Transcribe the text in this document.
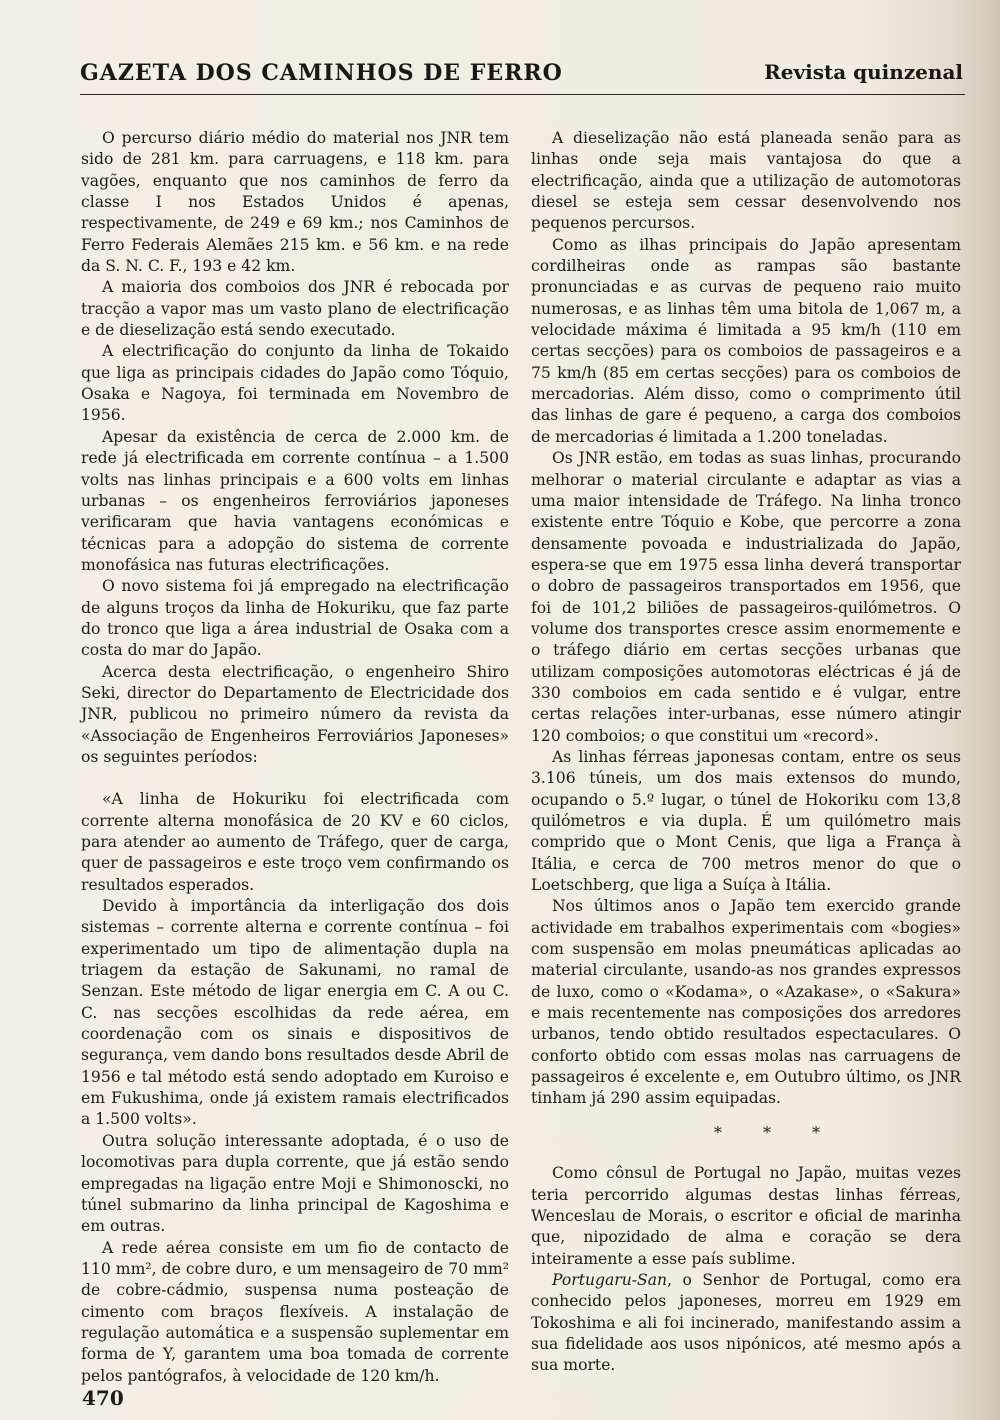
GAZETA DOS CAMINHOS DE FERRO	Revista quinzenal

O percurso diário médio do material nos JNR tem sido de 281 km. para carruagens, e 118 km. para vagões, enquanto que nos caminhos de ferro da classe I nos Estados Unidos é apenas, respectivamente, de 249 e 69 km.; nos Caminhos de Ferro Federais Alemães 215 km. e 56 km. e na rede da S. N. C. F., 193 e 42 km.

A maioria dos comboios dos JNR é rebocada por tracção a vapor mas um vasto plano de electrificação e de dieselização está sendo executado.

A electrificação do conjunto da linha de Tokaido que liga as principais cidades do Japão como Tóquio, Osaka e Nagoya, foi terminada em Novembro de 1956.

Apesar da existência de cerca de 2.000 km. de rede já electrificada em corrente contínua – a 1.500 volts nas linhas principais e a 600 volts em linhas urbanas – os engenheiros ferroviários japoneses verificaram que havia vantagens económicas e técnicas para a adopção do sistema de corrente monofásica nas futuras electrificações.

O novo sistema foi já empregado na electrificação de alguns troços da linha de Hokuriku, que faz parte do tronco que liga a área industrial de Osaka com a costa do mar do Japão.

Acerca desta electrificação, o engenheiro Shiro Seki, director do Departamento de Electricidade dos JNR, publicou no primeiro número da revista da «Associação de Engenheiros Ferroviários Japoneses» os seguintes períodos:

«A linha de Hokuriku foi electrificada com corrente alterna monofásica de 20 KV e 60 ciclos, para atender ao aumento de Tráfego, quer de carga, quer de passageiros e este troço vem confirmando os resultados esperados.

Devido à importância da interligação dos dois sistemas – corrente alterna e corrente contínua – foi experimentado um tipo de alimentação dupla na triagem da estação de Sakunami, no ramal de Senzan. Este método de ligar energia em C. A ou C. C. nas secções escolhidas da rede aérea, em coordenação com os sinais e dispositivos de segurança, vem dando bons resultados desde Abril de 1956 e tal método está sendo adoptado em Kuroiso e em Fukushima, onde já existem ramais electrificados a 1.500 volts».

Outra solução interessante adoptada, é o uso de locomotivas para dupla corrente, que já estão sendo empregadas na ligação entre Moji e Shimonoscki, no túnel submarino da linha principal de Kagoshima e em outras.

A rede aérea consiste em um fio de contacto de 110 mm², de cobre duro, e um mensageiro de 70 mm² de cobre-cádmio, suspensa numa posteação de cimento com braços flexíveis. A instalação de regulação automática e a suspensão suplementar em forma de Y, garantem uma boa tomada de corrente pelos pantógrafos, à velocidade de 120 km/h.

A dieselização não está planeada senão para as linhas onde seja mais vantajosa do que a electrificação, ainda que a utilização de automotoras diesel se esteja sem cessar desenvolvendo nos pequenos percursos.

Como as ilhas principais do Japão apresentam cordilheiras onde as rampas são bastante pronunciadas e as curvas de pequeno raio muito numerosas, e as linhas têm uma bitola de 1,067 m, a velocidade máxima é limitada a 95 km/h (110 em certas secções) para os comboios de passageiros e a 75 km/h (85 em certas secções) para os comboios de mercadorias. Além disso, como o comprimento útil das linhas de gare é pequeno, a carga dos comboios de mercadorias é limitada a 1.200 toneladas.

Os JNR estão, em todas as suas linhas, procurando melhorar o material circulante e adaptar as vias a uma maior intensidade de Tráfego. Na linha tronco existente entre Tóquio e Kobe, que percorre a zona densamente povoada e industrializada do Japão, espera-se que em 1975 essa linha deverá transportar o dobro de passageiros transportados em 1956, que foi de 101,2 biliões de passageiros-quilómetros. O volume dos transportes cresce assim enormemente e o tráfego diário em certas secções urbanas que utilizam composições automotoras eléctricas é já de 330 comboios em cada sentido e é vulgar, entre certas relações inter-urbanas, esse número atingir 120 comboios; o que constitui um «record».

As linhas férreas japonesas contam, entre os seus 3.106 túneis, um dos mais extensos do mundo, ocupando o 5.º lugar, o túnel de Hokoriku com 13,8 quilómetros e via dupla. É um quilómetro mais comprido que o Mont Cenis, que liga a França à Itália, e cerca de 700 metros menor do que o Loetschberg, que liga a Suíça à Itália.

Nos últimos anos o Japão tem exercido grande actividade em trabalhos experimentais com «bogies» com suspensão em molas pneumáticas aplicadas ao material circulante, usando-as nos grandes expressos de luxo, como o «Kodama», o «Azakase», o «Sakura» e mais recentemente nas composições dos arredores urbanos, tendo obtido resultados espectaculares. O conforto obtido com essas molas nas carruagens de passageiros é excelente e, em Outubro último, os JNR tinham já 290 assim equipadas.

* * *

Como cônsul de Portugal no Japão, muitas vezes teria percorrido algumas destas linhas férreas, Wenceslau de Morais, o escritor e oficial de marinha que, nipozidado de alma e coração se dera inteiramente a esse país sublime.

Portugaru-San, o Senhor de Portugal, como era conhecido pelos japoneses, morreu em 1929 em Tokoshima e ali foi incinerado, manifestando assim a sua fidelidade aos usos nipónicos, até mesmo após a sua morte.

470
